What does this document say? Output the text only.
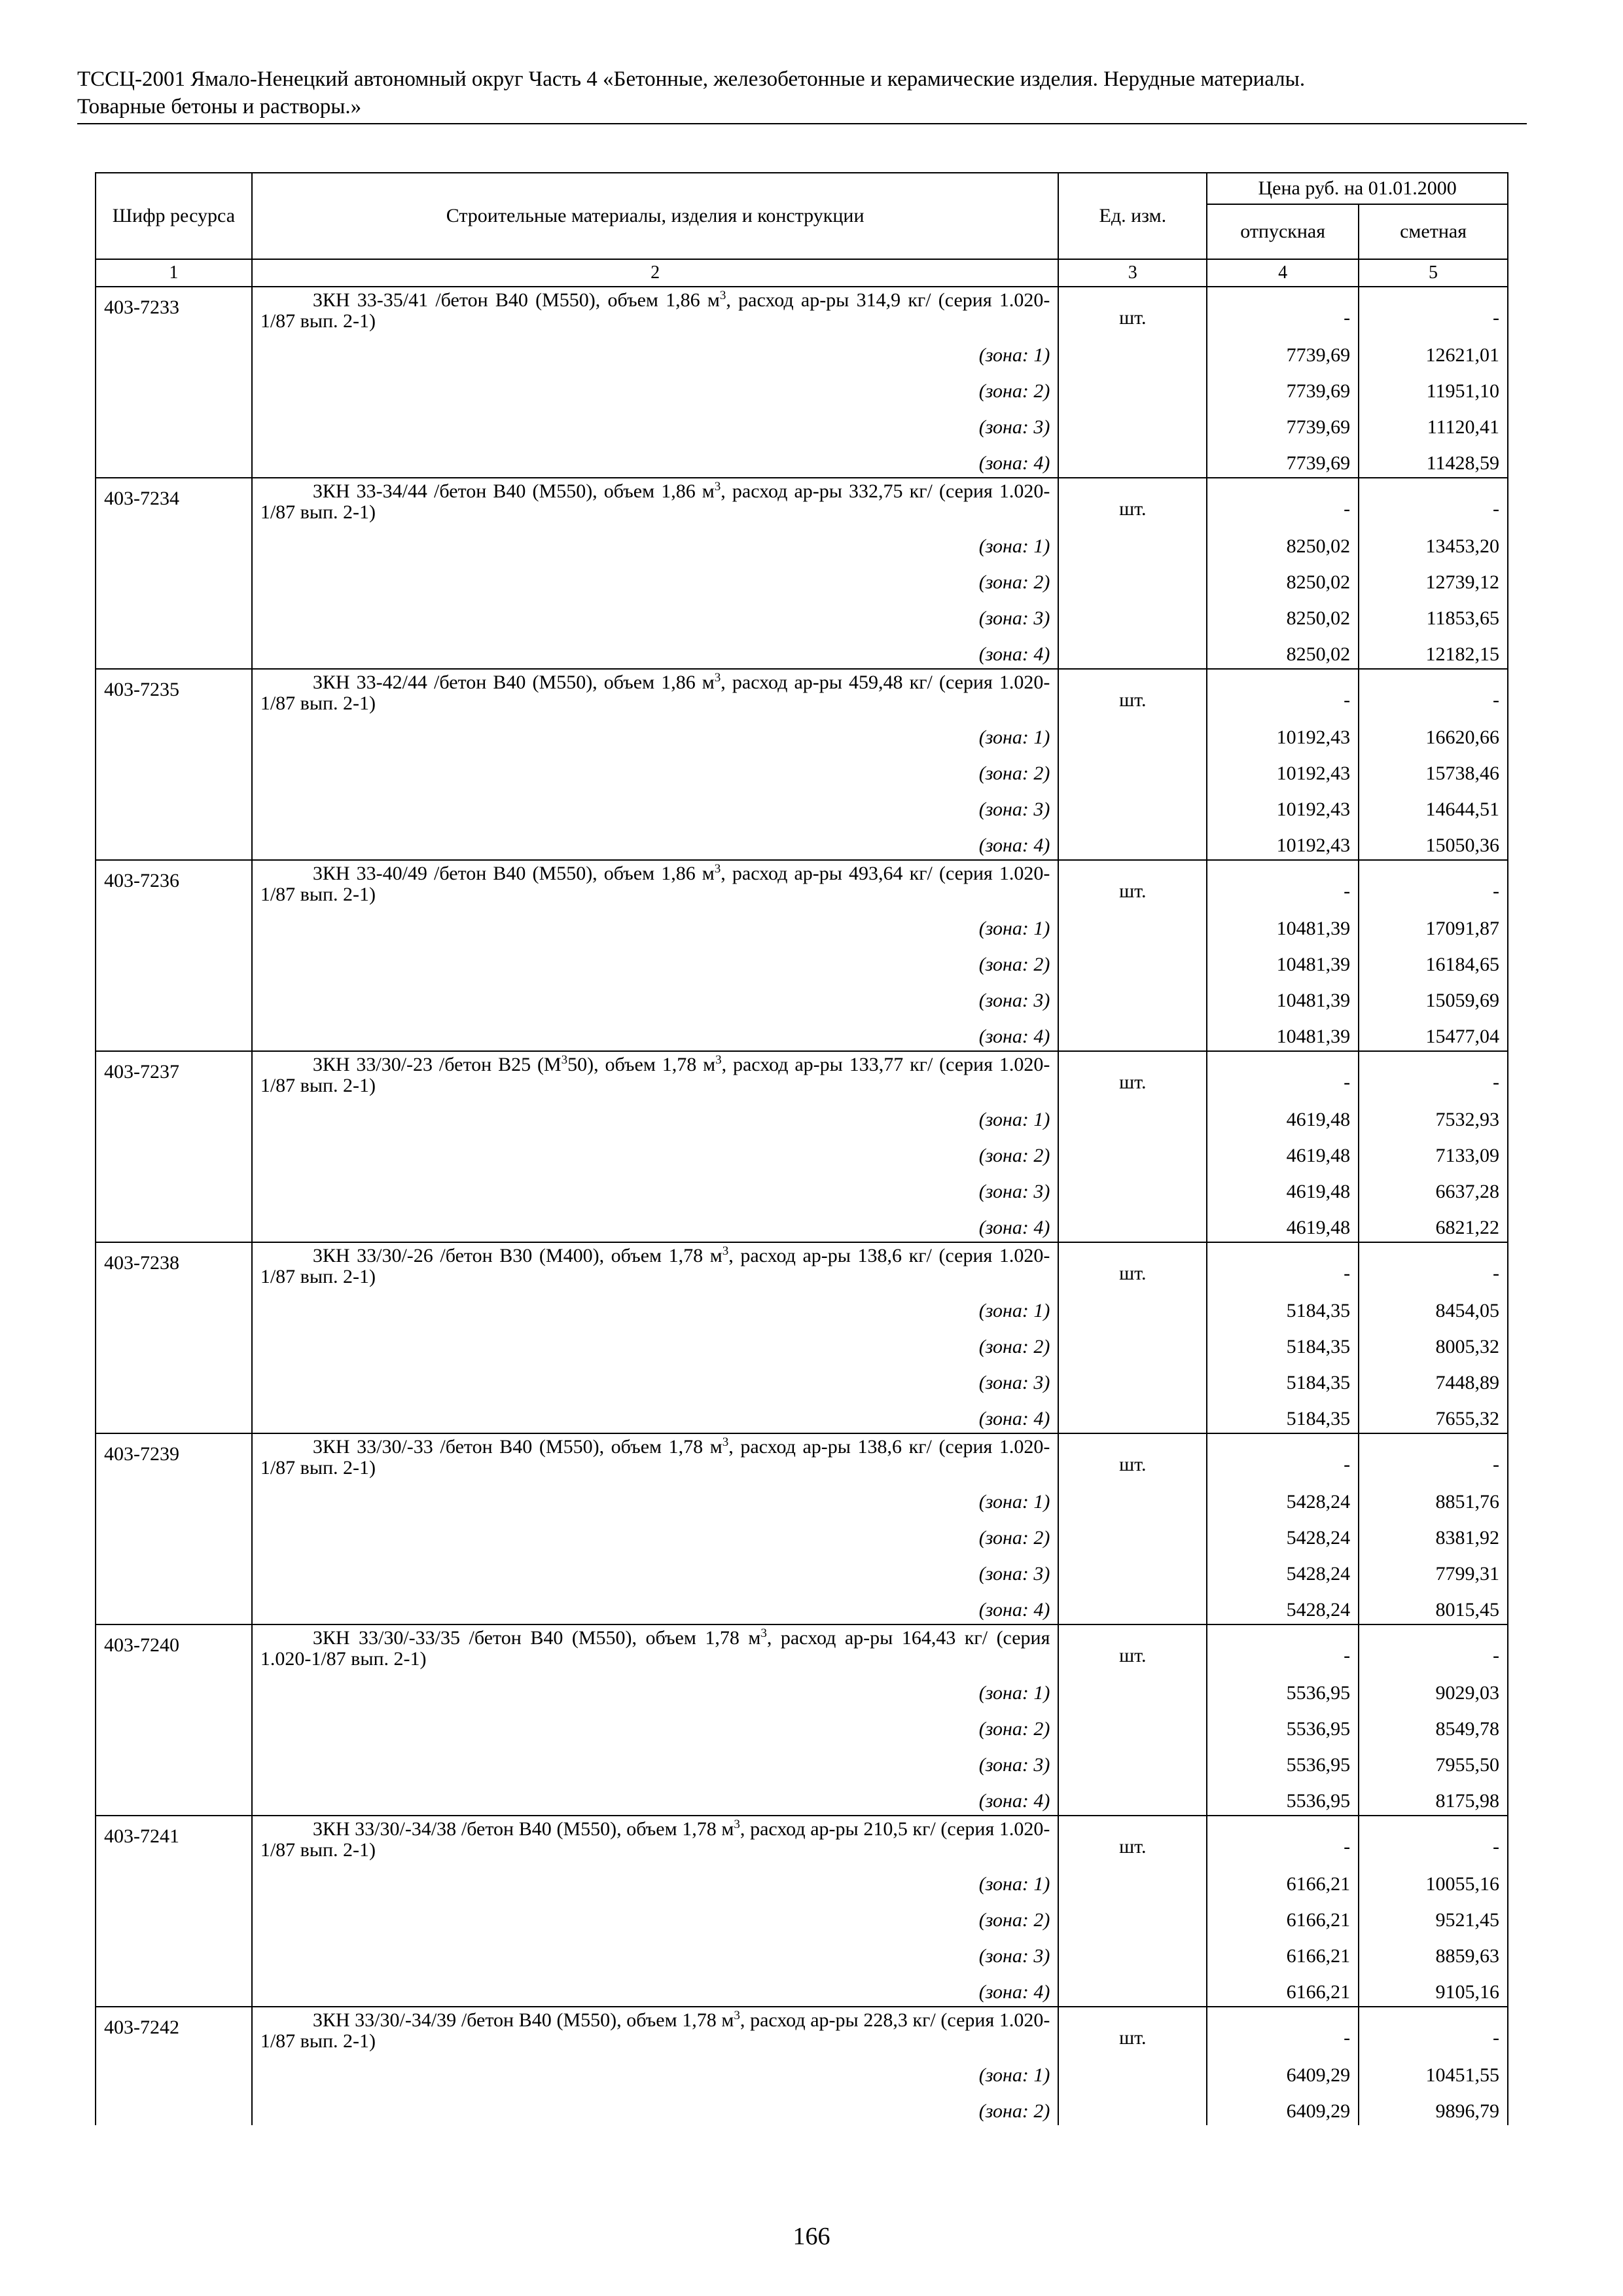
ТССЦ-2001 Ямало-Ненецкий автономный округ Часть 4 «Бетонные, железобетонные и керамические изделия. Нерудные материалы.
Товарные бетоны и растворы.»
Шифр ресурса	Строительные материалы, изделия и конструкции	Ед. изм.	Цена руб. на 01.01.2000	
			отпускная	сметная
1	2	3	4	5
403-7233	3КН 33-35/41 /бетон В40 (М550), объем 1,86 $м^3$, расход ар-ры 314,9 кг/ (серия 1.020-1/87 вып. 2-1)	шт.	-	-
	(зона: 1)		7739,69	12621,01
	(зона: 2)		7739,69	11951,10
	(зона: 3)		7739,69	11120,41
	(зона: 4)		7739,69	11428,59
403-7234	3КН 33-34/44 /бетон В40 (М550), объем 1,86 $м^3$, расход ар-ры 332,75 кг/ (серия 1.020-1/87 вып. 2-1)	шт.	-	-
	(зона: 1)		8250,02	13453,20
	(зона: 2)		8250,02	12739,12
	(зона: 3)		8250,02	11853,65
	(зона: 4)		8250,02	12182,15
403-7235	3КН 33-42/44 /бетон В40 (М550), объем 1,86 $м^3$, расход ар-ры 459,48 кг/ (серия 1.020-1/87 вып. 2-1)	шт.	-	-
	(зона: 1)		10192,43	16620,66
	(зона: 2)		10192,43	15738,46
	(зона: 3)		10192,43	14644,51
	(зона: 4)		10192,43	15050,36
403-7236	3КН 33-40/49 /бетон В40 (М550), объем 1,86 $м^3$, расход ар-ры 493,64 кг/ (серия 1.020-1/87 вып. 2-1)	шт.	-	-
	(зона: 1)		10481,39	17091,87
	(зона: 2)		10481,39	16184,65
	(зона: 3)		10481,39	15059,69
	(зона: 4)		10481,39	15477,04
403-7237	3КН 33/30/-23 /бетон В25 $(М^350)$, объем 1,78 $м^3$, расход ар-ры 133,77 кг/ (серия 1.020-1/87 вып. 2-1)	шт.	-	-
	(зона: 1)		4619,48	7532,93
	(зона: 2)		4619,48	7133,09
	(зона: 3)		4619,48	6637,28
	(зона: 4)		4619,48	6821,22
403-7238	3КН 33/30/-26 /бетон В30 (М400), объем 1,78 $м^3$, расход ар-ры 138,6 кг/ (серия 1.020-1/87 вып. 2-1)	шт.	-	-
	(зона: 1)		5184,35	8454,05
	(зона: 2)		5184,35	8005,32
	(зона: 3)		5184,35	7448,89
	(зона: 4)		5184,35	7655,32
403-7239	3КН 33/30/-33 /бетон В40 (М550), объем 1,78 $м^3$, расход ар-ры 138,6 кг/ (серия 1.020-1/87 вып. 2-1)	шт.	-	-
	(зона: 1)		5428,24	8851,76
	(зона: 2)		5428,24	8381,92
	(зона: 3)		5428,24	7799,31
	(зона: 4)		5428,24	8015,45
403-7240	3КН 33/30/-33/35 /бетон В40 (М550), объем 1,78 $м^3$, расход ар-ры 164,43 кг/ (серия 1.020-1/87 вып. 2-1)	шт.	-	-
	(зона: 1)		5536,95	9029,03
	(зона: 2)		5536,95	8549,78
	(зона: 3)		5536,95	7955,50
	(зона: 4)		5536,95	8175,98
403-7241	3КН 33/30/-34/38 /бетон В40 (М550), объем 1,78 $м^3$, расход ар-ры 210,5 кг/ (серия 1.020-1/87 вып. 2-1)	шт.	-	-
	(зона: 1)		6166,21	10055,16
	(зона: 2)		6166,21	9521,45
	(зона: 3)		6166,21	8859,63
	(зона: 4)		6166,21	9105,16
403-7242	3КН 33/30/-34/39 /бетон В40 (М550), объем 1,78 $м^3$, расход ар-ры 228,3 кг/ (серия 1.020-1/87 вып. 2-1)	шт.	-	-
	(зона: 1)		6409,29	10451,55
	(зона: 2)		6409,29	9896,79
166
